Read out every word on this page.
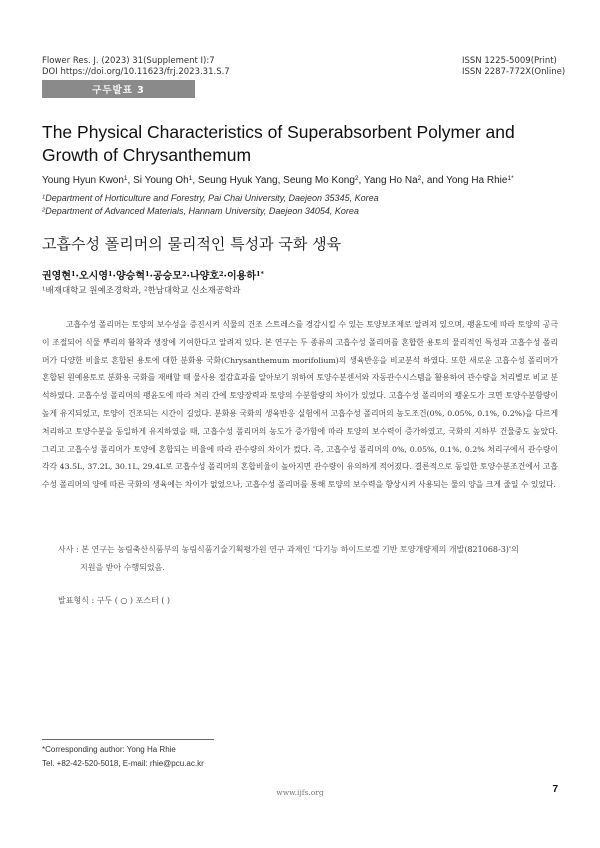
Flower Res. J. (2023) 31(Supplement I):7
DOI https://doi.org/10.11623/frj.2023.31.S.7
ISSN 1225-5009(Print)
ISSN 2287-772X(Online)
구두발표 3
The Physical Characteristics of Superabsorbent Polymer and Growth of Chrysanthemum
Young Hyun Kwon$^1$, Si Young Oh$^1$, Seung Hyuk Yang, Seung Mo Kong$^2$, Yang Ho Na$^2$, and Yong Ha Rhie$^{1*}$
$^1$Department of Horticulture and Forestry, Pai Chai University, Daejeon 35345, Korea
$^2$Department of Advanced Materials, Hannam University, Daejeon 34054, Korea
고흡수성 폴리머의 물리적인 특성과 국화 생육
권영현$^1$·오시영$^1$·양승혁$^1$·공승모$^2$·나양호$^2$·이용하$^{1*}$
$^1$배재대학교 원예조경학과, $^2$한남대학교 신소재공학과

고흡수성 폴리머는 토양의 보수성을 증진시켜 식물의 건조 스트레스를 경감시킬 수 있는 토양보조제로 알려져 있으며, 팽윤도에 따라 토양의 공극이 조절되어 식물 뿌리의 활착과 생장에 기여한다고 알려져 있다. 본 연구는 두 종류의 고흡수성 폴리머를 혼합한 용토의 물리적인 특성과 고흡수성 폴리머가 다양한 비율로 혼합된 용토에 대한 분화용 국화(Chrysanthemum morifolium)의 생육반응을 비교분석 하였다. 또한 새로운 고흡수성 폴리머가 혼합된 원예용토로 분화용 국화를 재배할 때 물사용 절감효과를 알아보기 위하여 토양수분센서와 자동관수시스템을 활용하여 관수량을 처리별로 비교 분석하였다. 고흡수성 폴리머의 팽윤도에 따라 처리 간에 토양장력과 토양의 수분함량의 차이가 있었다. 고흡수성 폴리머의 팽윤도가 크면 토양수분함량이 높게 유지되었고, 토양이 건조되는 시간이 길었다. 분화용 국화의 생육반응 실험에서 고흡수성 폴리머의 농도조건(0%, 0.05%, 0.1%, 0.2%)을 다르게 처리하고 토양수분을 동일하게 유지하였을 때, 고흡수성 폴리머의 농도가 증가함에 따라 토양의 보수력이 증가하였고, 국화의 지하부 건물중도 높았다. 그리고 고흡수성 폴리머가 토양에 혼합되는 비율에 따라 관수량의 차이가 컸다. 즉, 고흡수성 폴리머의 0%, 0.05%, 0.1%, 0.2% 처리구에서 관수량이 각각 43.5L, 37.2L, 30.1L, 29.4L로 고흡수성 폴리머의 혼합비율이 높아지면 관수량이 유의하게 적어졌다. 결론적으로 동일한 토양수분조건에서 고흡수성 폴리머의 양에 따른 국화의 생육에는 차이가 없었으나, 고흡수성 폴리머를 통해 토양의 보수력을 향상시켜 사용되는 물의 양을 크게 줄일 수 있었다.

사사 : 본 연구는 농림축산식품부의 농림식품기술기획평가원 연구 과제인 '다기능 하이드로겔 기반 토양개량제의 개발(821068-3)'의
지원을 받아 수행되었음.
발표형식 : 구두 ( ○ ) 포스터 ( )
*Corresponding author: Yong Ha Rhie
Tel. +82-42-520-5018, E-mail: rhie@pcu.ac.kr
www.ijfs.org	7
